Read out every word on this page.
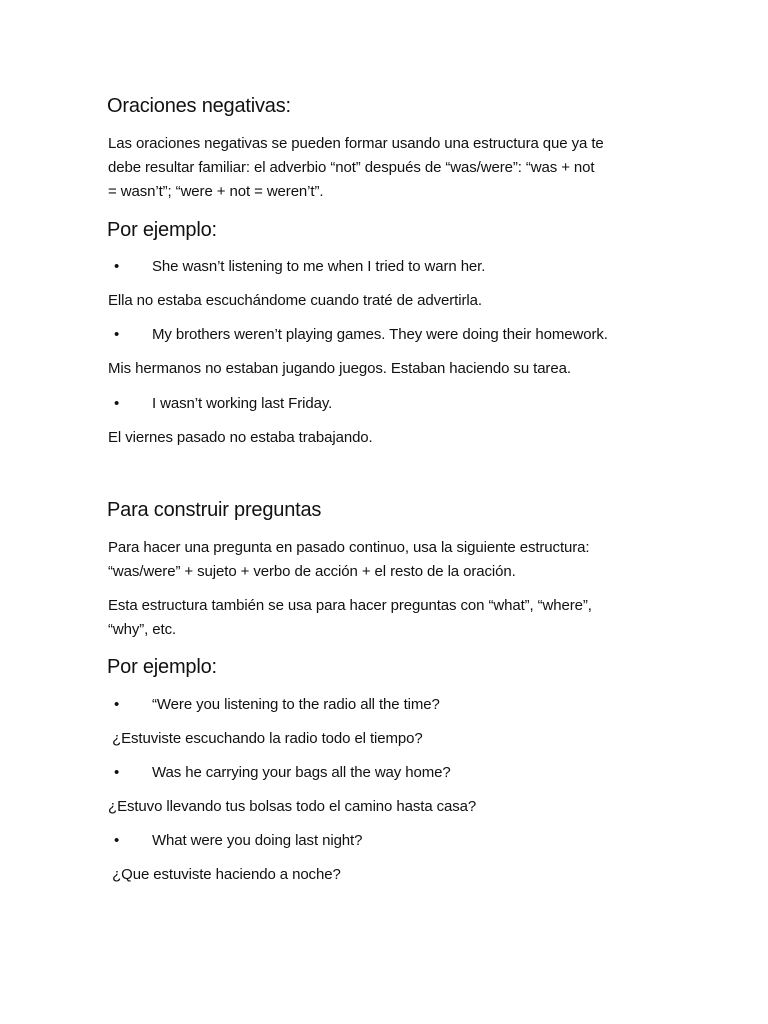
Oraciones negativas:
Las oraciones negativas se pueden formar usando una estructura que ya te
debe resultar familiar: el adverbio “not” después de “was/were”: “was + not
= wasn’t”; “were + not = weren’t”.
Por ejemplo:
• She wasn’t listening to me when I tried to warn her.
Ella no estaba escuchándome cuando traté de advertirla.
• My brothers weren’t playing games. They were doing their homework.
Mis hermanos no estaban jugando juegos. Estaban haciendo su tarea.
• I wasn’t working last Friday.
El viernes pasado no estaba trabajando.
Para construir preguntas
Para hacer una pregunta en pasado continuo, usa la siguiente estructura:
“was/were” + sujeto + verbo de acción + el resto de la oración.
Esta estructura también se usa para hacer preguntas con “what”, “where”,
“why”, etc.
Por ejemplo:
• “Were you listening to the radio all the time?
¿Estuviste escuchando la radio todo el tiempo?
• Was he carrying your bags all the way home?
¿Estuvo llevando tus bolsas todo el camino hasta casa?
• What were you doing last night?
¿Que estuviste haciendo a noche?
